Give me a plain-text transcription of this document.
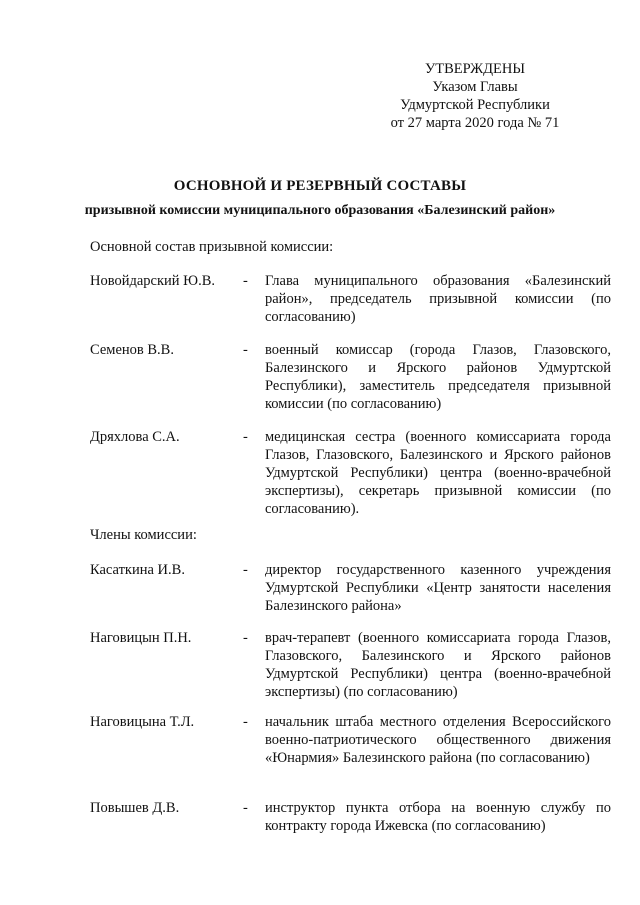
УТВЕРЖДЕНЫ
Указом Главы
Удмуртской Республики
от 27 марта 2020 года № 71
ОСНОВНОЙ И РЕЗЕРВНЫЙ СОСТАВЫ
призывной комиссии муниципального образования «Балезинский район»
Основной состав призывной комиссии:
Новойдарский Ю.В.	- Глава муниципального образования «Балезинский район», председатель призывной комиссии (по согласованию)
Семенов В.В.	- военный комиссар (города Глазов, Глазовского, Балезинского и Ярского районов Удмуртской Республики), заместитель председателя призывной комиссии (по согласованию)
Дряхлова С.А.	- медицинская сестра (военного комиссариата города Глазов, Глазовского, Балезинского и Ярского районов Удмуртской Республики) центра (военно-врачебной экспертизы), секретарь призывной комиссии (по согласованию).
Члены комиссии:
Касаткина И.В.	- директор государственного казенного учреждения Удмуртской Республики «Центр занятости населения Балезинского района»
Наговицын П.Н.	- врач-терапевт (военного комиссариата города Глазов, Глазовского, Балезинского и Ярского районов Удмуртской Республики) центра (военно-врачебной экспертизы) (по согласованию)
Наговицына Т.Л.	- начальник штаба местного отделения Всероссийского военно-патриотического общественного движения «Юнармия» Балезинского района (по согласованию)
Повышев Д.В.	- инструктор пункта отбора на военную службу по контракту города Ижевска (по согласованию)
